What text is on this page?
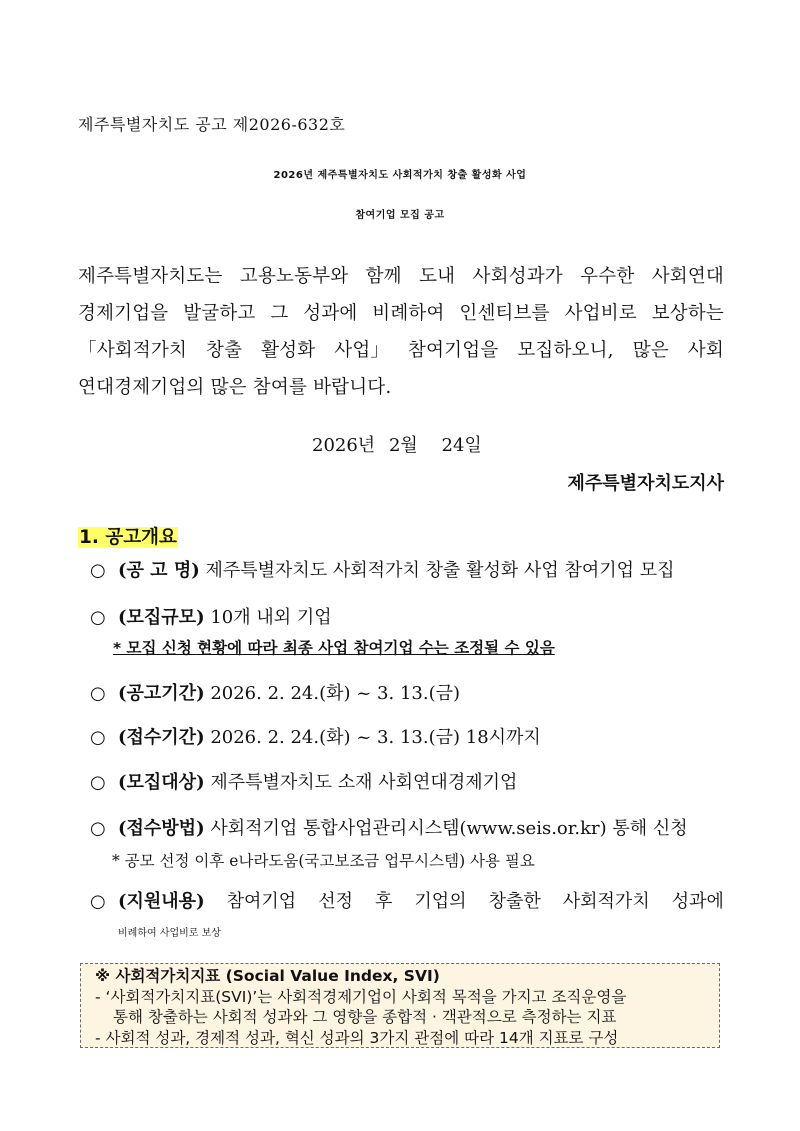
제주특별자치도 공고 제2026-632호
2026년 제주특별자치도 사회적가치 창출 활성화 사업
참여기업 모집 공고
제주특별자치도는 고용노동부와 함께 도내 사회성과가 우수한 사회연대
경제기업을 발굴하고 그 성과에 비례하여 인센티브를 사업비로 보상하는
「사회적가치 창출 활성화 사업」 참여기업을 모집하오니, 많은 사회
연대경제기업의 많은 참여를 바랍니다.
2026년 2월 24일
제주특별자치도지사
1. 공고개요
○ (공 고 명) 제주특별자치도 사회적가치 창출 활성화 사업 참여기업 모집
○ (모집규모) 10개 내외 기업
* 모집 신청 현황에 따라 최종 사업 참여기업 수는 조정될 수 있음
○ (공고기간) 2026. 2. 24.(화) ~ 3. 13.(금)
○ (접수기간) 2026. 2. 24.(화) ~ 3. 13.(금) 18시까지
○ (모집대상) 제주특별자치도 소재 사회연대경제기업
○ (접수방법) 사회적기업 통합사업관리시스템(www.seis.or.kr) 통해 신청
* 공모 선정 이후 e나라도움(국고보조금 업무시스템) 사용 필요
○ (지원내용) 참여기업 선정 후 기업의 창출한 사회적가치 성과에
비례하여 사업비로 보상
※ 사회적가치지표 (Social Value Index, SVI)
- ‘사회적가치지표(SVI)’는 사회적경제기업이 사회적 목적을 가지고 조직운영을
통해 창출하는 사회적 성과와 그 영향을 종합적 · 객관적으로 측정하는 지표
- 사회적 성과, 경제적 성과, 혁신 성과의 3가지 관점에 따라 14개 지표로 구성
